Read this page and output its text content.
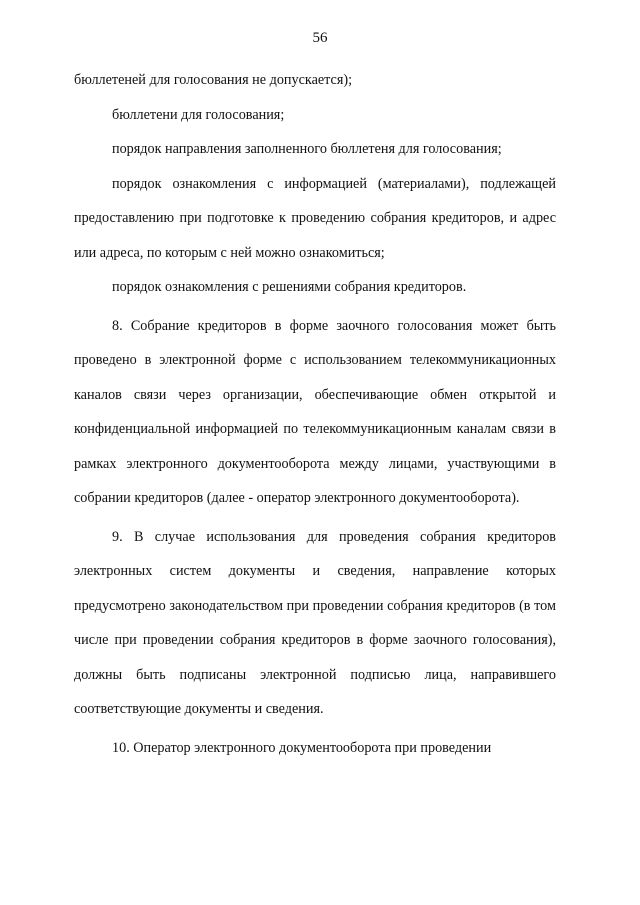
56

бюллетеней для голосования не допускается);

бюллетени для голосования;

порядок направления заполненного бюллетеня для голосования;

порядок ознакомления с информацией (материалами), подлежащей предоставлению при подготовке к проведению собрания кредиторов, и адрес или адреса, по которым с ней можно ознакомиться;

порядок ознакомления с решениями собрания кредиторов.

8. Собрание кредиторов в форме заочного голосования может быть проведено в электронной форме с использованием телекоммуникационных каналов связи через организации, обеспечивающие обмен открытой и конфиденциальной информацией по телекоммуникационным каналам связи в рамках электронного документооборота между лицами, участвующими в собрании кредиторов (далее - оператор электронного документооборота).

9. В случае использования для проведения собрания кредиторов электронных систем документы и сведения, направление которых предусмотрено законодательством при проведении собрания кредиторов (в том числе при проведении собрания кредиторов в форме заочного голосования), должны быть подписаны электронной подписью лица, направившего соответствующие документы и сведения.

10. Оператор электронного документооборота при проведении
